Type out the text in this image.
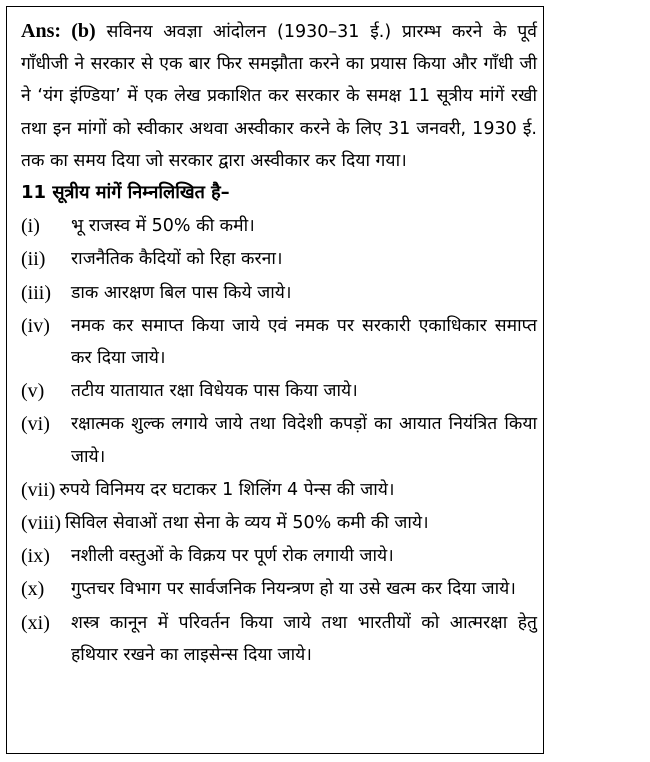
Ans: (b) सविनय अवज्ञा आंदोलन (1930–31 ई.) प्रारम्भ करने के पूर्व गाँधीजी ने सरकार से एक बार फिर समझौता करने का प्रयास किया और गाँधी जी ने ‘यंग इंण्डिया’ में एक लेख प्रकाशित कर सरकार के समक्ष 11 सूत्रीय मांगें रखी तथा इन मांगों को स्वीकार अथवा अस्वीकार करने के लिए 31 जनवरी, 1930 ई. तक का समय दिया जो सरकार द्वारा अस्वीकार कर दिया गया।
11 सूत्रीय मांगें निम्नलिखित है–
(i)	भू राजस्व में 50% की कमी।
(ii)	राजनैतिक कैदियों को रिहा करना।
(iii)	डाक आरक्षण बिल पास किये जाये।
(iv)	नमक कर समाप्त किया जाये एवं नमक पर सरकारी एकाधिकार समाप्त कर दिया जाये।
(v)	तटीय यातायात रक्षा विधेयक पास किया जाये।
(vi)	रक्षात्मक शुल्क लगाये जाये तथा विदेशी कपड़ों का आयात नियंत्रित किया जाये।
(vii) रुपये विनिमय दर घटाकर 1 शिलिंग 4 पेन्स की जाये।
(viii) सिविल सेवाओं तथा सेना के व्यय में 50% कमी की जाये।
(ix)	नशीली वस्तुओं के विक्रय पर पूर्ण रोक लगायी जाये।
(x)	गुप्तचर विभाग पर सार्वजनिक नियन्त्रण हो या उसे खत्म कर दिया जाये।
(xi)	शस्त्र कानून में परिवर्तन किया जाये तथा भारतीयों को आत्मरक्षा हेतु हथियार रखने का लाइसेन्स दिया जाये।
